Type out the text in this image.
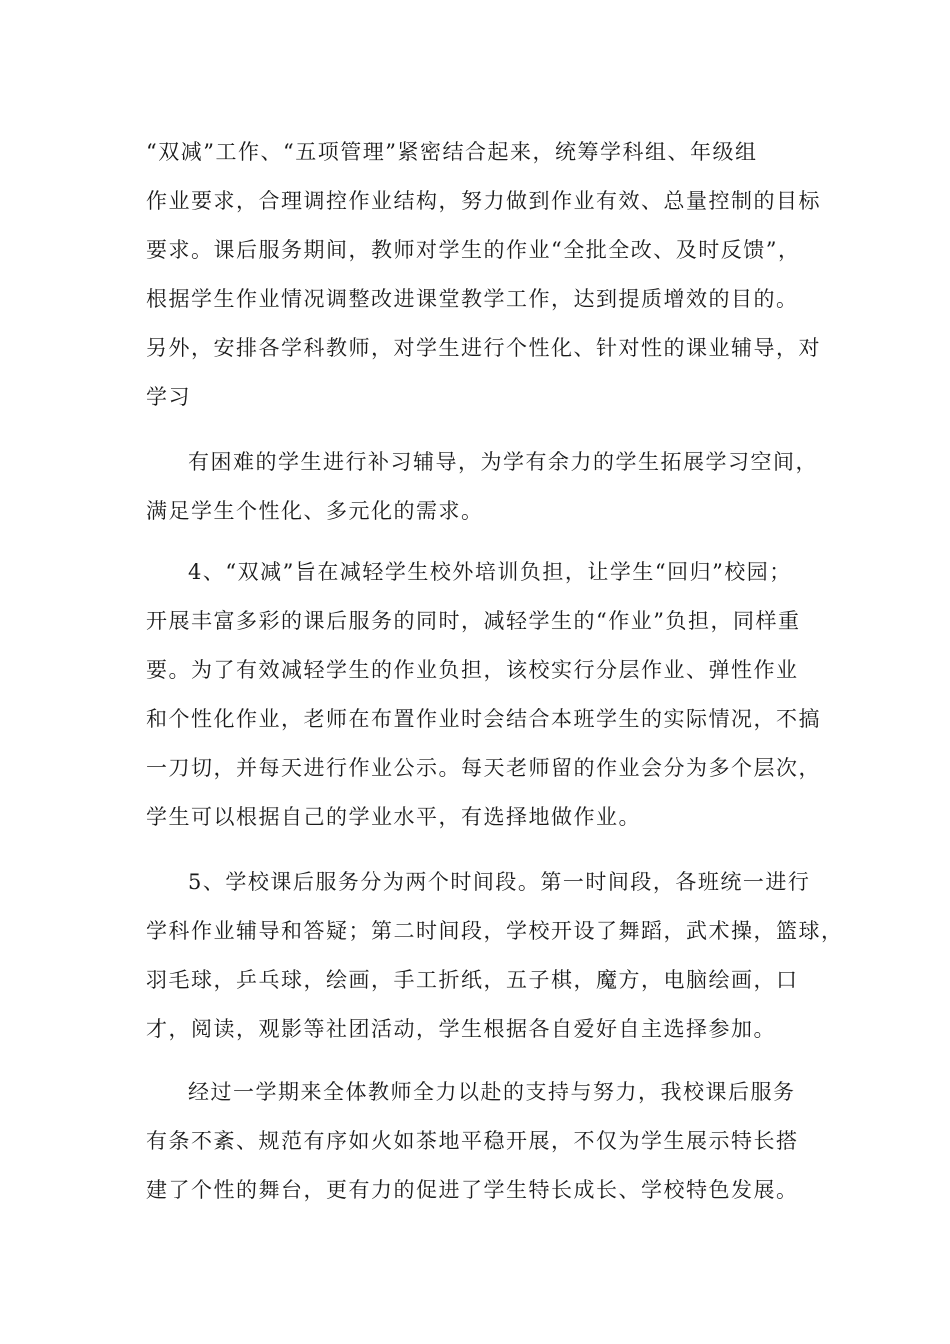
“双减”工作、“五项管理”紧密结合起来，统筹学科组、年级组
作业要求，合理调控作业结构，努力做到作业有效、总量控制的目标
要求。课后服务期间，教师对学生的作业“全批全改、及时反馈”，
根据学生作业情况调整改进课堂教学工作，达到提质增效的目的。
另外，安排各学科教师，对学生进行个性化、针对性的课业辅导，对
学习
有困难的学生进行补习辅导，为学有余力的学生拓展学习空间，
满足学生个性化、多元化的需求。
4、“双减”旨在减轻学生校外培训负担，让学生“回归”校园；
开展丰富多彩的课后服务的同时，减轻学生的“作业”负担，同样重
要。为了有效减轻学生的作业负担，该校实行分层作业、弹性作业
和个性化作业，老师在布置作业时会结合本班学生的实际情况，不搞
一刀切，并每天进行作业公示。每天老师留的作业会分为多个层次，
学生可以根据自己的学业水平，有选择地做作业。
5、学校课后服务分为两个时间段。第一时间段，各班统一进行
学科作业辅导和答疑；第二时间段，学校开设了舞蹈，武术操，篮球，
羽毛球，乒乓球，绘画，手工折纸，五子棋，魔方，电脑绘画，口
才，阅读，观影等社团活动，学生根据各自爱好自主选择参加。
经过一学期来全体教师全力以赴的支持与努力，我校课后服务
有条不紊、规范有序如火如茶地平稳开展，不仅为学生展示特长搭
建了个性的舞台，更有力的促进了学生特长成长、学校特色发展。
